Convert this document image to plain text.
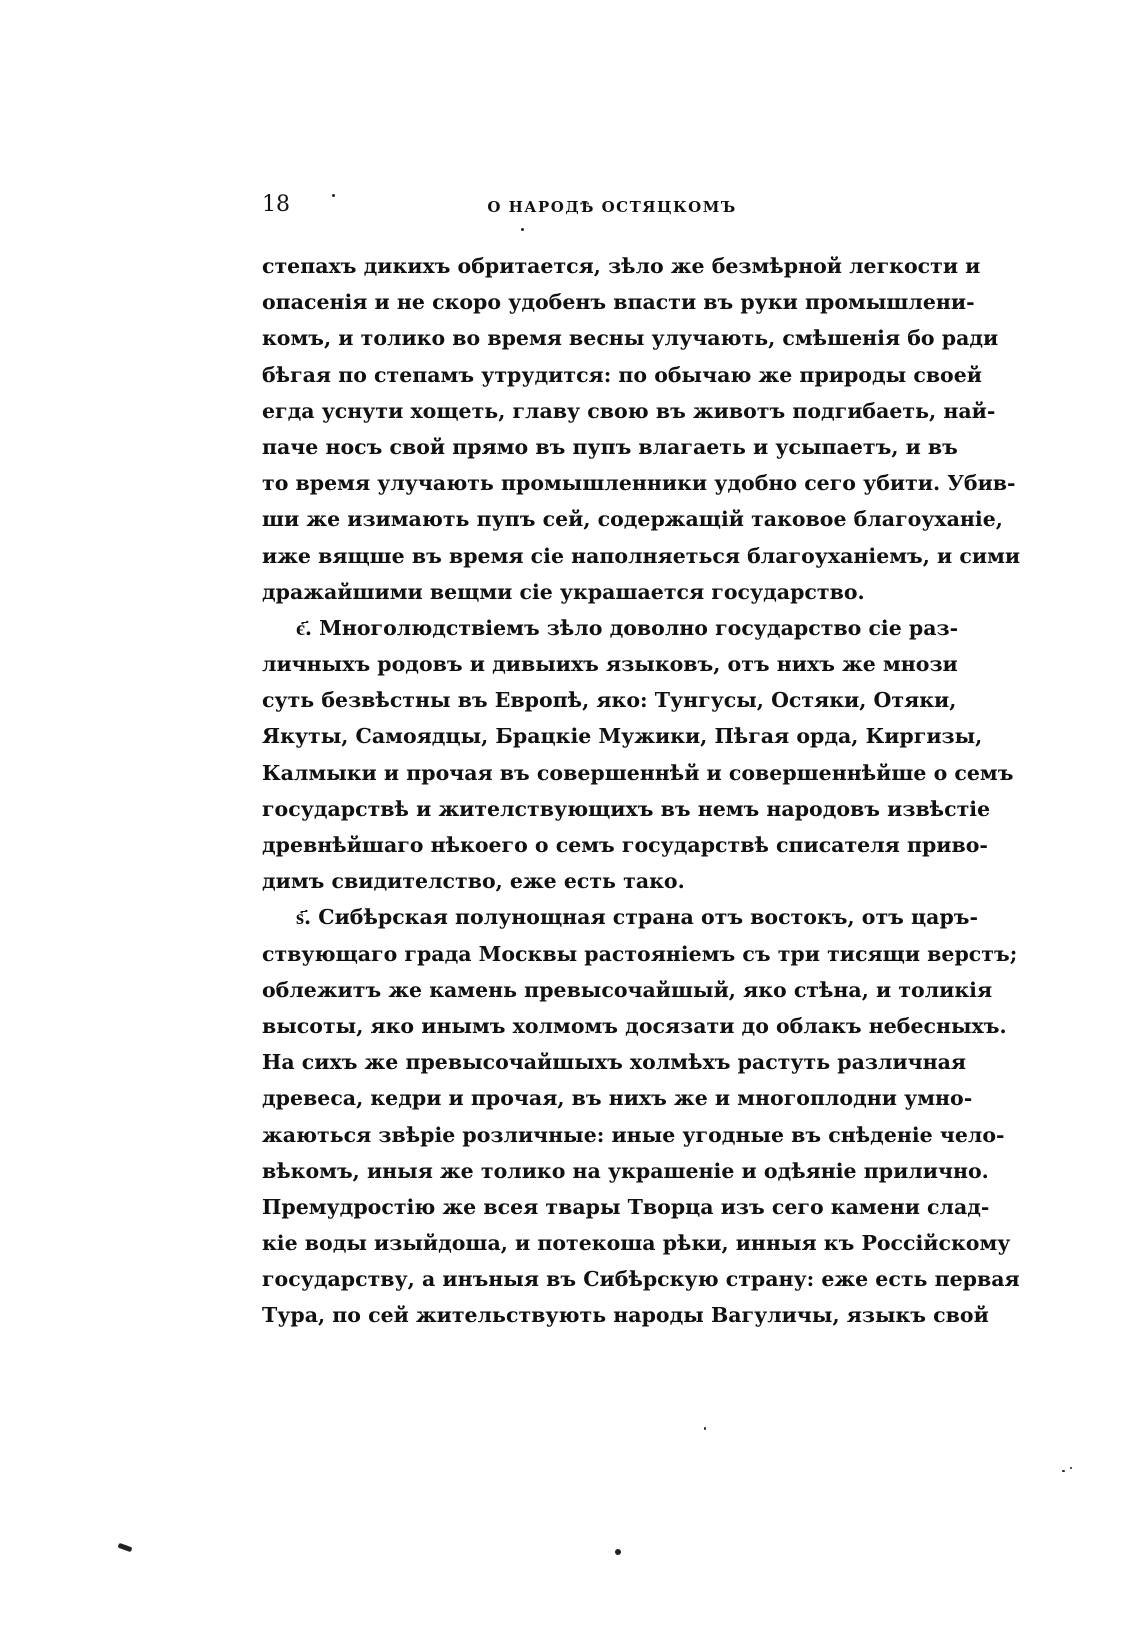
18	О НАРОДѢ ОСТЯЦКОМЪ
степахъ дикихъ обритается, зѣло же безмѣрной легкости и
опасенія и не скоро удобенъ впасти въ руки промышлени-
комъ, и толико во время весны улучають, смѣшенія бо ради
бѣгая по степамъ утрудится: по обычаю же природы своей
егда уснути хощеть, главу свою въ животъ подгибаеть, най-
паче носъ свой прямо въ пупъ влагаеть и усыпаетъ, и въ
то время улучають промышленники удобно сего убити. Убив-
ши же изимають пупъ сей, содержащій таковое благоуханіе,
иже вящше въ время сіе наполняеться благоуханіемъ, и сими
дражайшими вещми сіе украшается государство.
є҃. Многолюдствіемъ зѣло доволно государство сіе раз-
личныхъ родовъ и дивыихъ языковъ, отъ нихъ же мнози
суть безвѣстны въ Европѣ, яко: Тунгусы, Остяки, Отяки,
Якуты, Самоядцы, Брацкіе Мужики, Пѣгая орда, Киргизы,
Калмыки и прочая въ совершеннѣй и совершеннѣйше о семъ
государствѣ и жителствующихъ въ немъ народовъ извѣстіе
древнѣйшаго нѣкоего о семъ государствѣ списателя приво-
димъ свидителство, еже есть тако.
ѕ҃. Сибѣрская полунощная страна отъ востокъ, отъ царъ-
ствующаго града Москвы растояніемъ съ три тисящи верстъ;
облежитъ же камень превысочайшый, яко стѣна, и толикія
высоты, яко инымъ холмомъ досязати до облакъ небесныхъ.
На сихъ же превысочайшыхъ холмѣхъ растуть различная
древеса, кедри и прочая, въ нихъ же и многоплодни умно-
жаються звѣріе розличные: иные угодные въ снѣденіе чело-
вѣкомъ, иныя же толико на украшеніе и одѣяніе прилично.
Премудростію же всея твары Творца изъ сего камени слад-
кіе воды изыйдоша, и потекоша рѣки, инныя къ Россійскому
государству, а инъныя въ Сибѣрскую страну: еже есть первая
Тура, по сей жительствують народы Вагуличы, языкъ свой
